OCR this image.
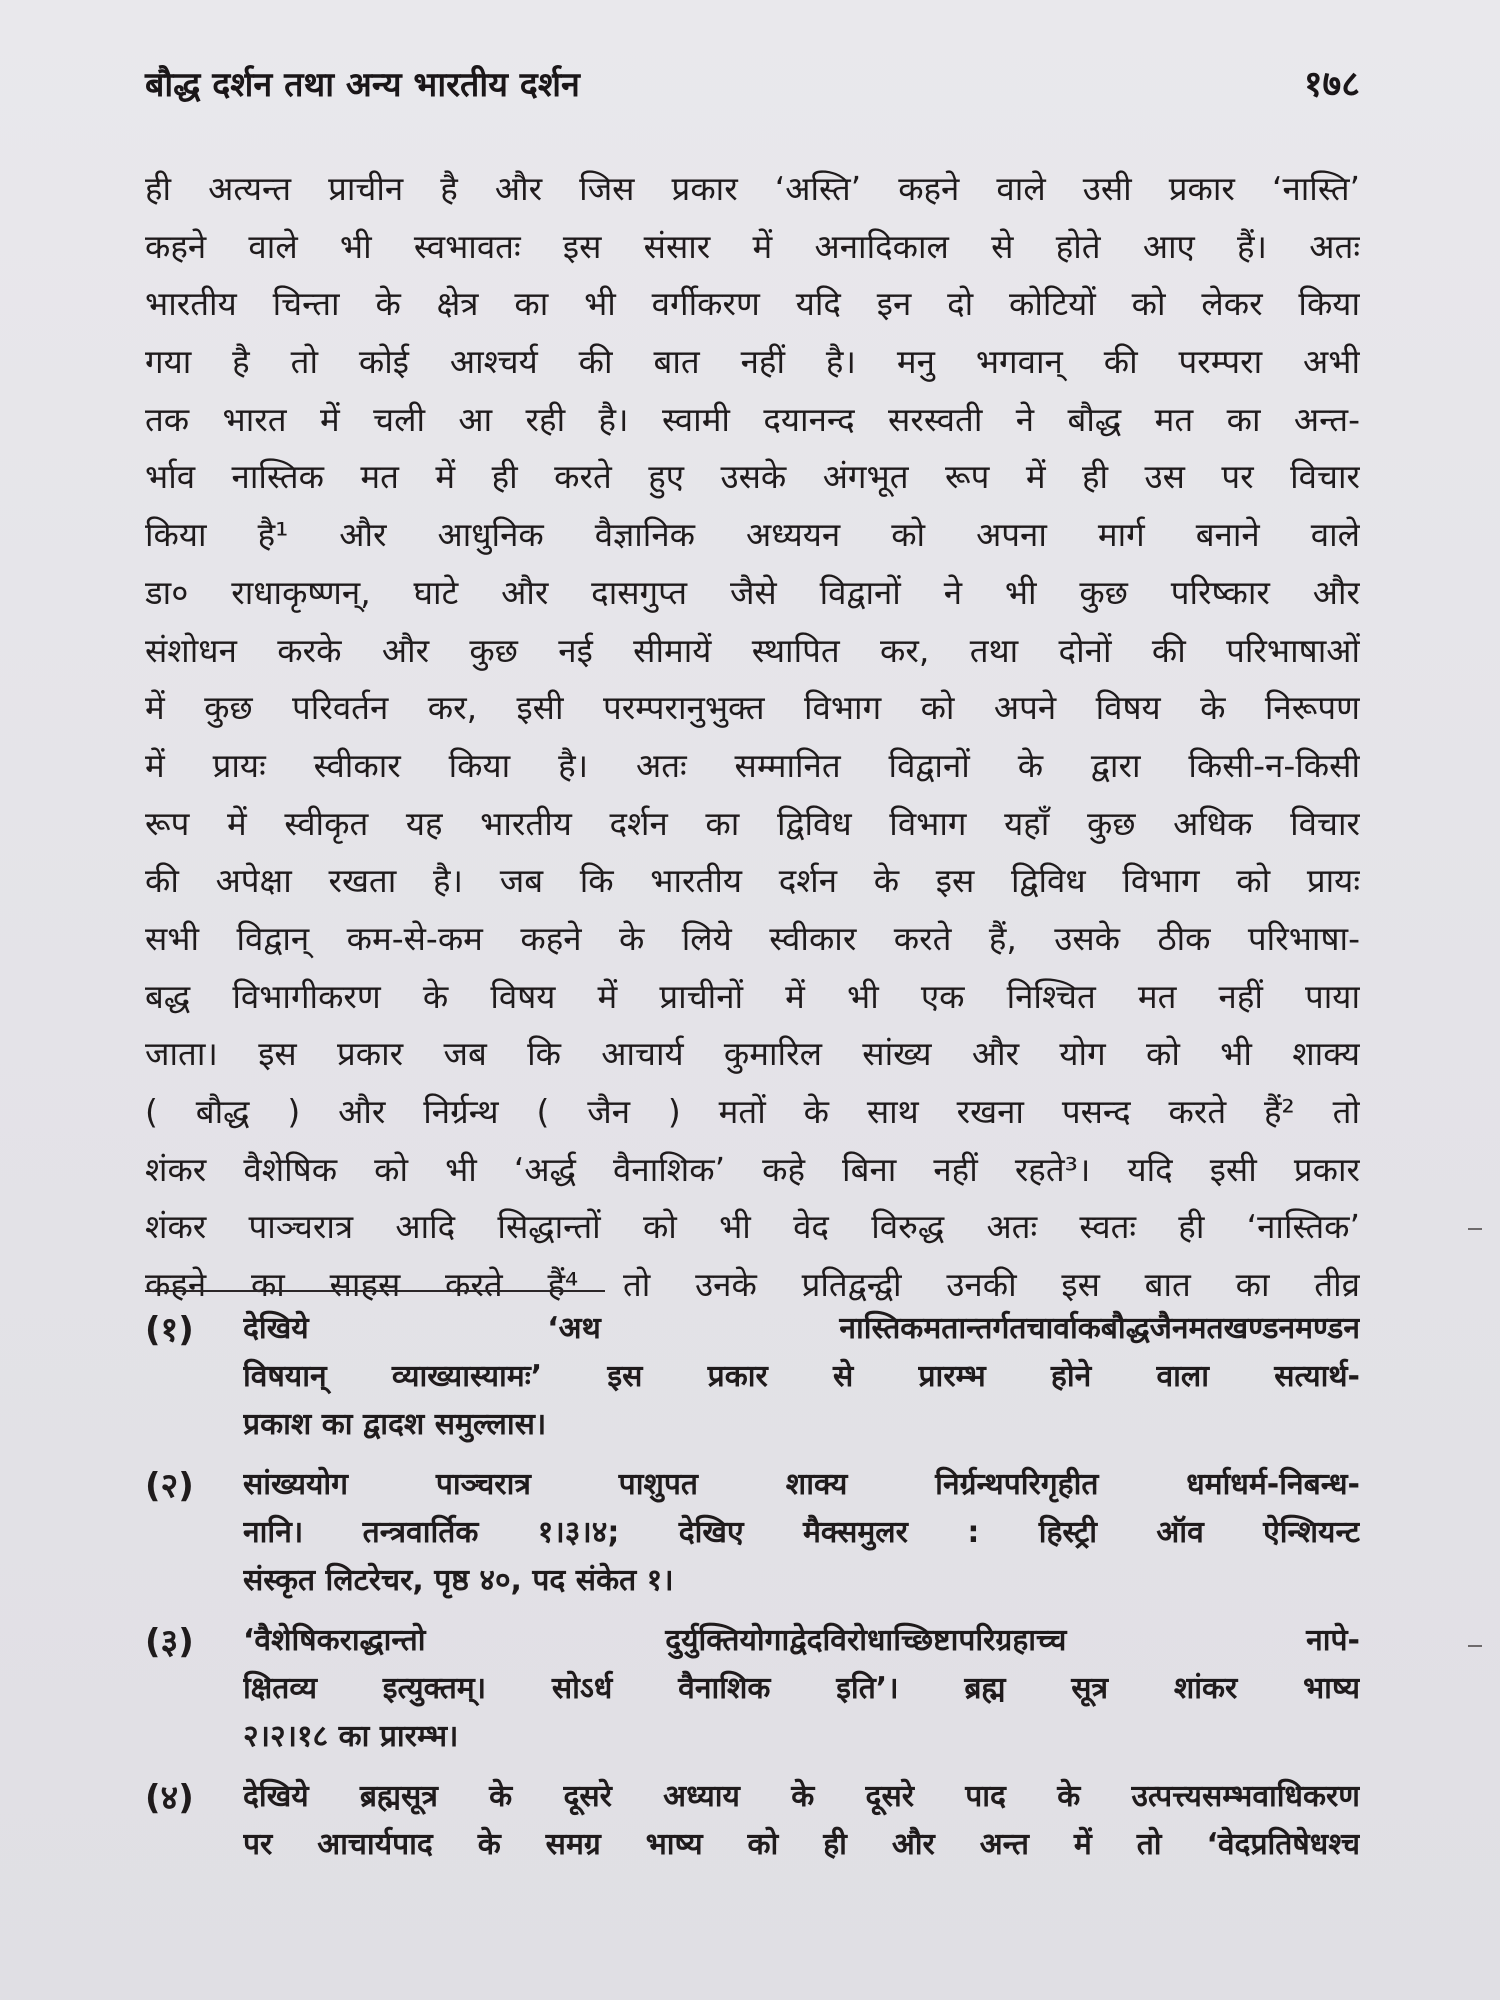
बौद्ध दर्शन तथा अन्य भारतीय दर्शन	१७८
ही अत्यन्त प्राचीन है और जिस प्रकार ‘अस्ति’ कहने वाले उसी प्रकार ‘नास्ति’
कहने वाले भी स्वभावतः इस संसार में अनादिकाल से होते आए हैं। अतः
भारतीय चिन्ता के क्षेत्र का भी वर्गीकरण यदि इन दो कोटियों को लेकर किया
गया है तो कोई आश्चर्य की बात नहीं है। मनु भगवान् की परम्परा अभी
तक भारत में चली आ रही है। स्वामी दयानन्द सरस्वती ने बौद्ध मत का अन्त-
र्भाव नास्तिक मत में ही करते हुए उसके अंगभूत रूप में ही उस पर विचार
किया है¹ और आधुनिक वैज्ञानिक अध्ययन को अपना मार्ग बनाने वाले
डा० राधाकृष्णन्, घाटे और दासगुप्त जैसे विद्वानों ने भी कुछ परिष्कार और
संशोधन करके और कुछ नई सीमायें स्थापित कर, तथा दोनों की परिभाषाओं
में कुछ परिवर्तन कर, इसी परम्परानुभुक्त विभाग को अपने विषय के निरूपण
में प्रायः स्वीकार किया है। अतः सम्मानित विद्वानों के द्वारा किसी-न-किसी
रूप में स्वीकृत यह भारतीय दर्शन का द्विविध विभाग यहाँ कुछ अधिक विचार
की अपेक्षा रखता है। जब कि भारतीय दर्शन के इस द्विविध विभाग को प्रायः
सभी विद्वान् कम-से-कम कहने के लिये स्वीकार करते हैं, उसके ठीक परिभाषा-
बद्ध विभागीकरण के विषय में प्राचीनों में भी एक निश्चित मत नहीं पाया
जाता। इस प्रकार जब कि आचार्य कुमारिल सांख्य और योग को भी शाक्य
( बौद्ध ) और निर्ग्रन्थ ( जैन ) मतों के साथ रखना पसन्द करते हैं² तो
शंकर वैशेषिक को भी ‘अर्द्ध वैनाशिक’ कहे बिना नहीं रहते³। यदि इसी प्रकार
शंकर पाञ्चरात्र आदि सिद्धान्तों को भी वेद विरुद्ध अतः स्वतः ही ‘नास्तिक’
कहने का साहस करते हैं⁴ तो उनके प्रतिद्वन्द्वी उनकी इस बात का तीव्र
(१)	देखिये ‘अथ नास्तिकमतान्तर्गतचार्वाकबौद्धजैनमतखण्डनमण्डन
विषयान् व्याख्यास्यामः’ इस प्रकार से प्रारम्भ होने वाला सत्यार्थ-
प्रकाश का द्वादश समुल्लास।
(२)	सांख्ययोग पाञ्चरात्र पाशुपत शाक्य निर्ग्रन्थपरिगृहीत धर्माधर्म-निबन्ध-
नानि। तन्त्रवार्तिक १।३।४; देखिए मैक्समुलर : हिस्ट्री ऑव ऐन्शियन्ट
संस्कृत लिटरेचर, पृष्ठ ४०, पद संकेत १।
(३)	‘वैशेषिकराद्धान्तो दुर्युक्तियोगाद्वेदविरोधाच्छिष्टापरिग्रहाच्च नापे-
क्षितव्य इत्युक्तम्। सोऽर्ध वैनाशिक इति’। ब्रह्म सूत्र शांकर भाष्य
२।२।१८ का प्रारम्भ।
(४)	देखिये ब्रह्मसूत्र के दूसरे अध्याय के दूसरे पाद के उत्पत्त्यसम्भवाधिकरण
पर आचार्यपाद के समग्र भाष्य को ही और अन्त में तो ‘वेदप्रतिषेधश्च
